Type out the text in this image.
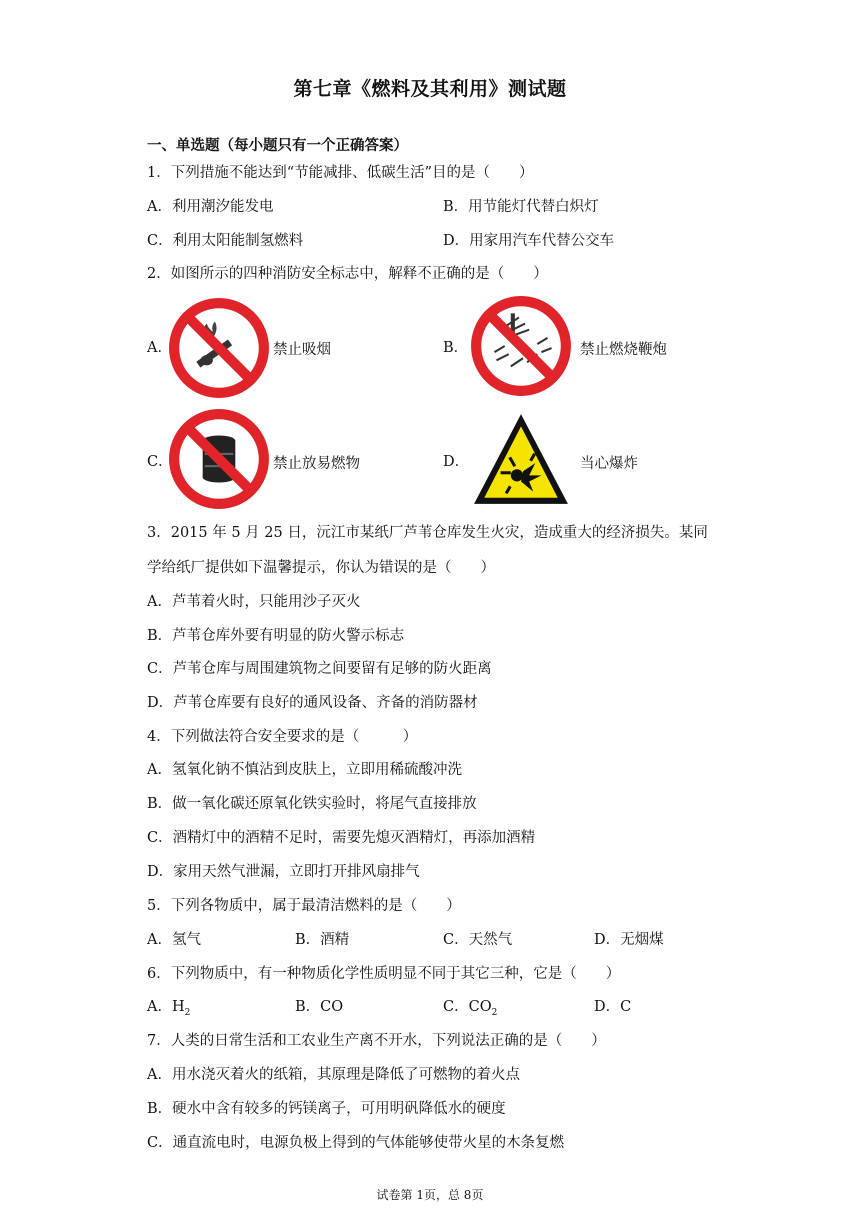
第七章《燃料及其利用》测试题
一、单选题（每小题只有一个正确答案）
1．下列措施不能达到“节能减排、低碳生活”目的是（　　）
A．利用潮汐能发电	B．用节能灯代替白炽灯
C．利用太阳能制氢燃料	D．用家用汽车代替公交车
2．如图所示的四种消防安全标志中，解释不正确的是（　　）
A．	禁止吸烟	B．	禁止燃烧鞭炮
C．	禁止放易燃物	D．	当心爆炸
3．2015 年 5 月 25 日，沅江市某纸厂芦苇仓库发生火灾，造成重大的经济损失。某同
学给纸厂提供如下温馨提示，你认为错误的是（　　）
A．芦苇着火时，只能用沙子灭火
B．芦苇仓库外要有明显的防火警示标志
C．芦苇仓库与周围建筑物之间要留有足够的防火距离
D．芦苇仓库要有良好的通风设备、齐备的消防器材
4．下列做法符合安全要求的是（　　　）
A．氢氧化钠不慎沾到皮肤上，立即用稀硫酸冲洗
B．做一氧化碳还原氧化铁实验时，将尾气直接排放
C．酒精灯中的酒精不足时，需要先熄灭酒精灯，再添加酒精
D．家用天然气泄漏，立即打开排风扇排气
5．下列各物质中，属于最清洁燃料的是（　　）
A．氢气	B．酒精	C．天然气	D．无烟煤
6．下列物质中，有一种物质化学性质明显不同于其它三种，它是（　　）
A．$H_2$	B．CO	C．$CO_2$	D．C
7．人类的日常生活和工农业生产离不开水，下列说法正确的是（　　）
A．用水浇灭着火的纸箱，其原理是降低了可燃物的着火点
B．硬水中含有较多的钙镁离子，可用明矾降低水的硬度
C．通直流电时，电源负极上得到的气体能够使带火星的木条复燃
试卷第 1页，总 8页
